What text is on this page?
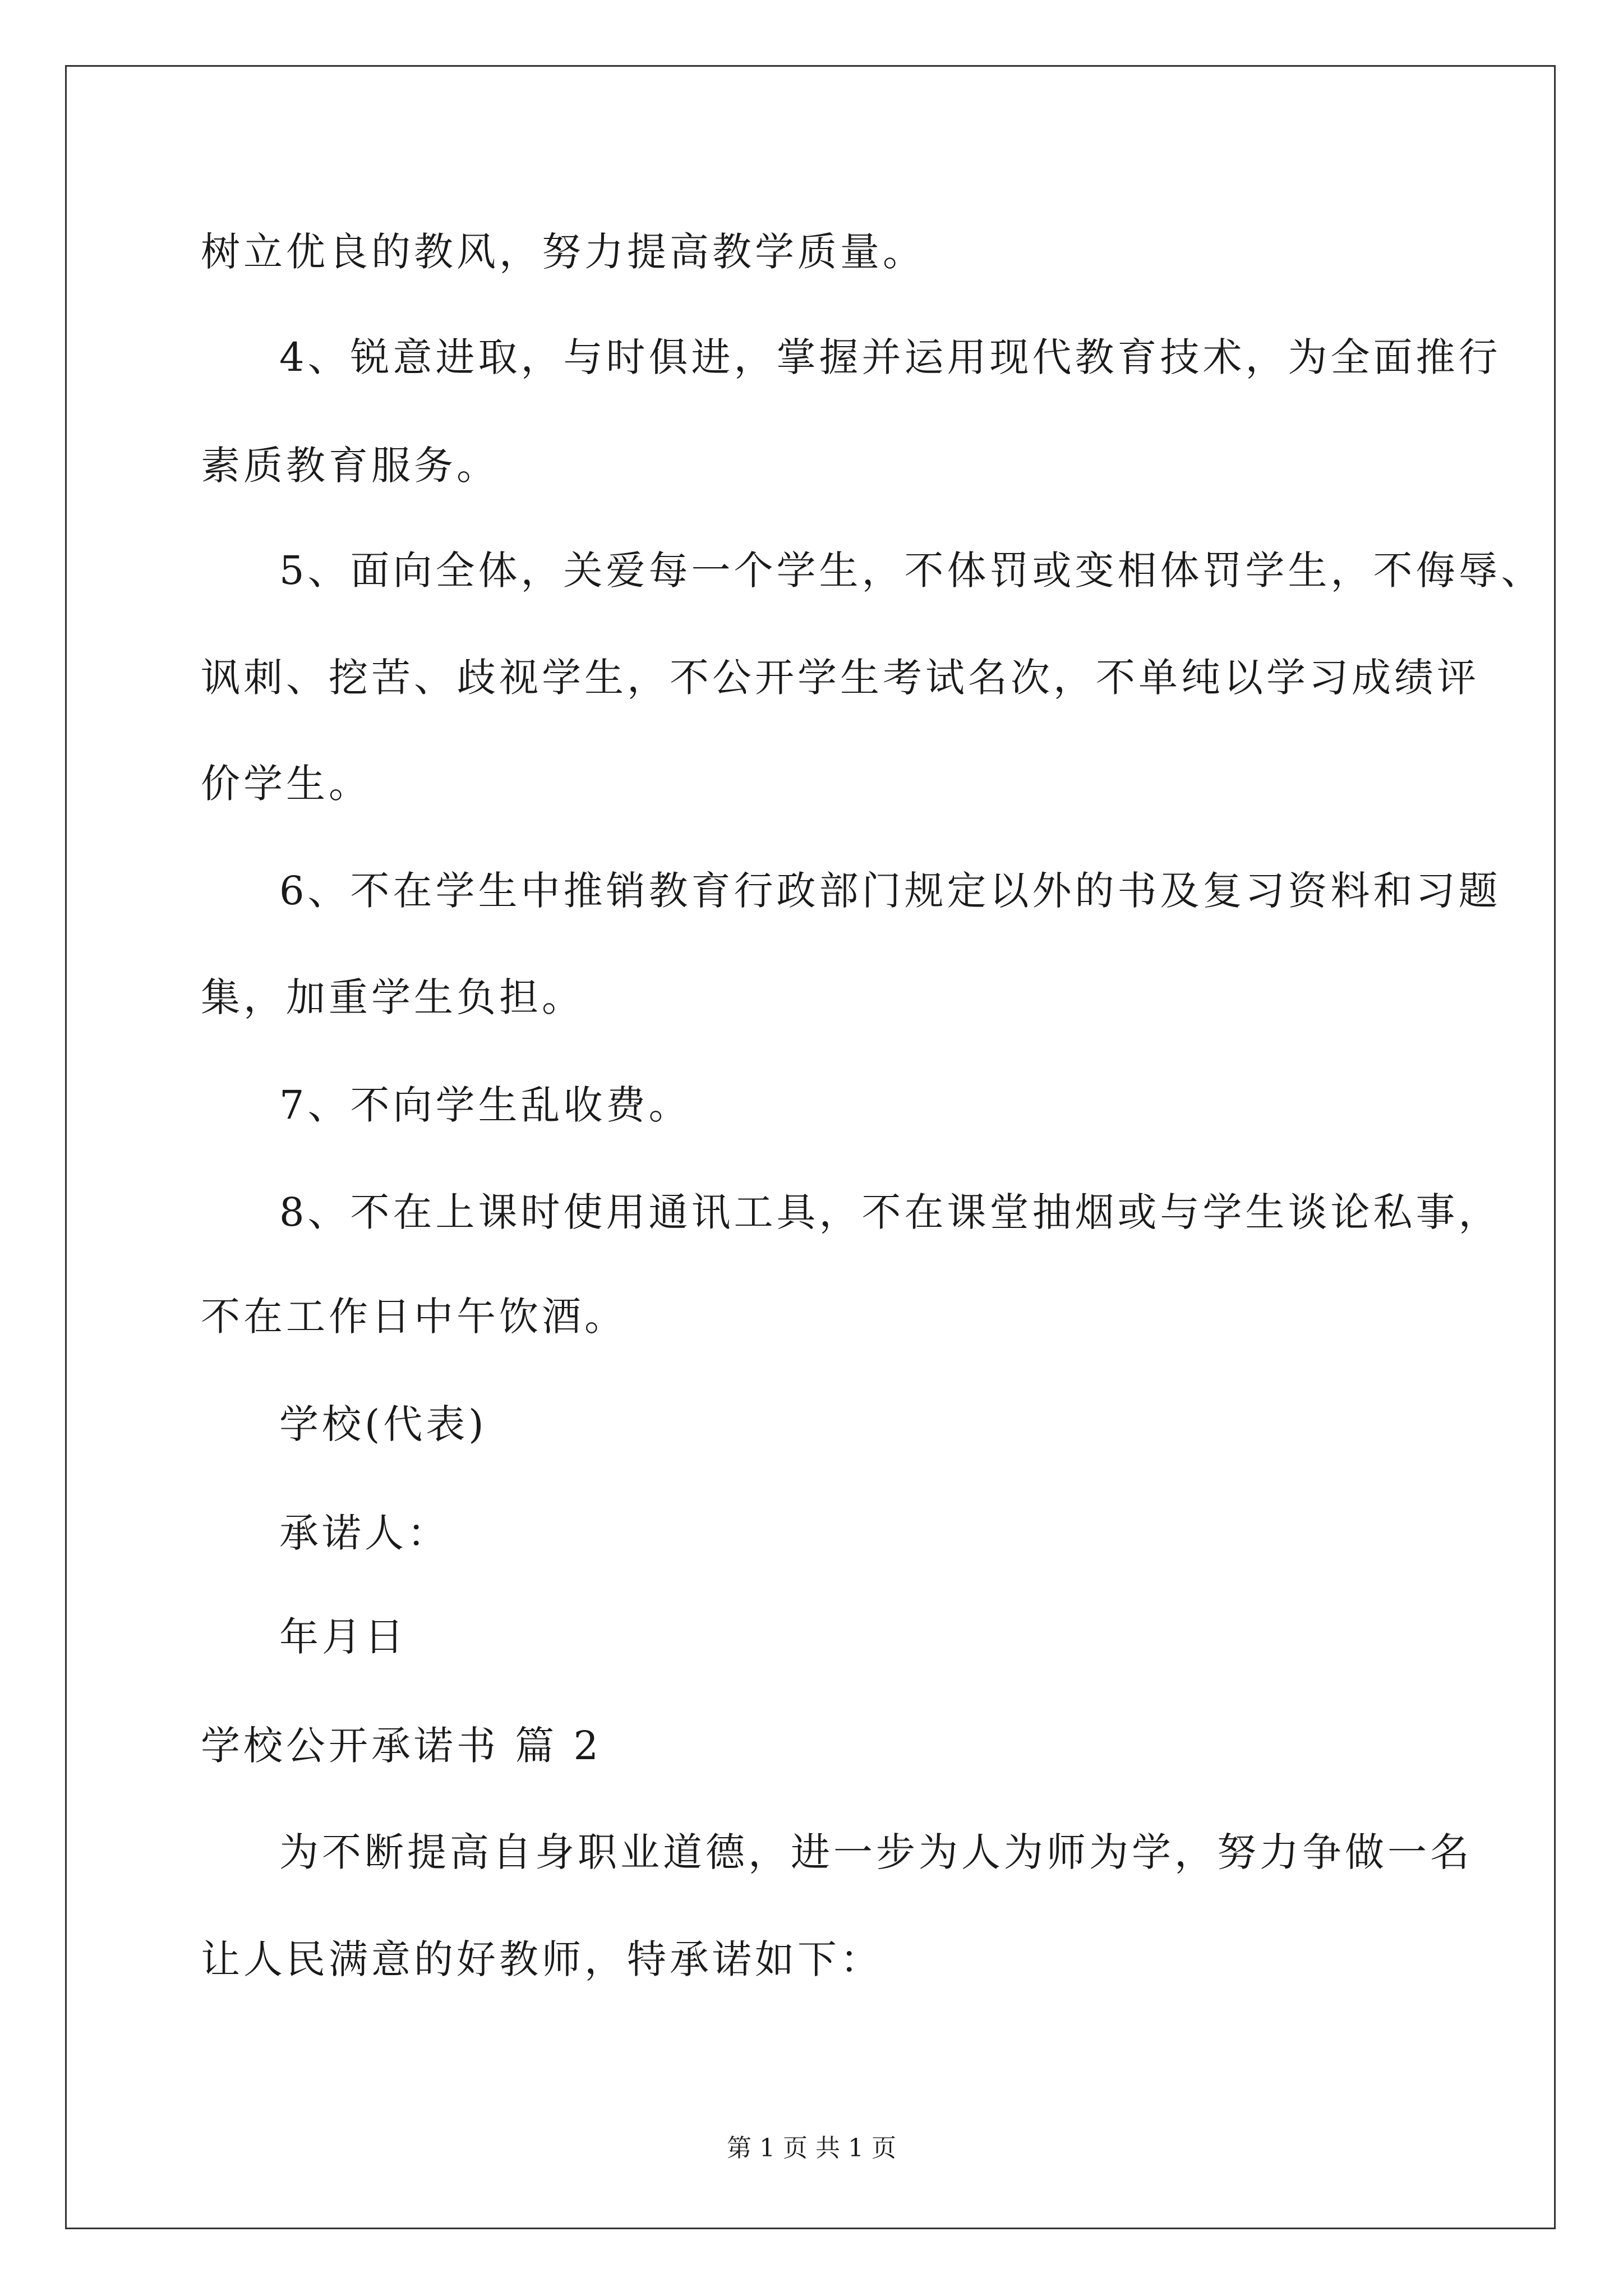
树立优良的教风，努力提高教学质量。
4、锐意进取，与时俱进，掌握并运用现代教育技术，为全面推行
素质教育服务。
5、面向全体，关爱每一个学生，不体罚或变相体罚学生，不侮辱、
讽刺、挖苦、歧视学生，不公开学生考试名次，不单纯以学习成绩评
价学生。
6、不在学生中推销教育行政部门规定以外的书及复习资料和习题
集，加重学生负担。
7、不向学生乱收费。
8、不在上课时使用通讯工具，不在课堂抽烟或与学生谈论私事，
不在工作日中午饮酒。
学校(代表)
承诺人：
年月日
学校公开承诺书 篇 2
为不断提高自身职业道德，进一步为人为师为学，努力争做一名
让人民满意的好教师，特承诺如下：
第 1 页 共 1 页
